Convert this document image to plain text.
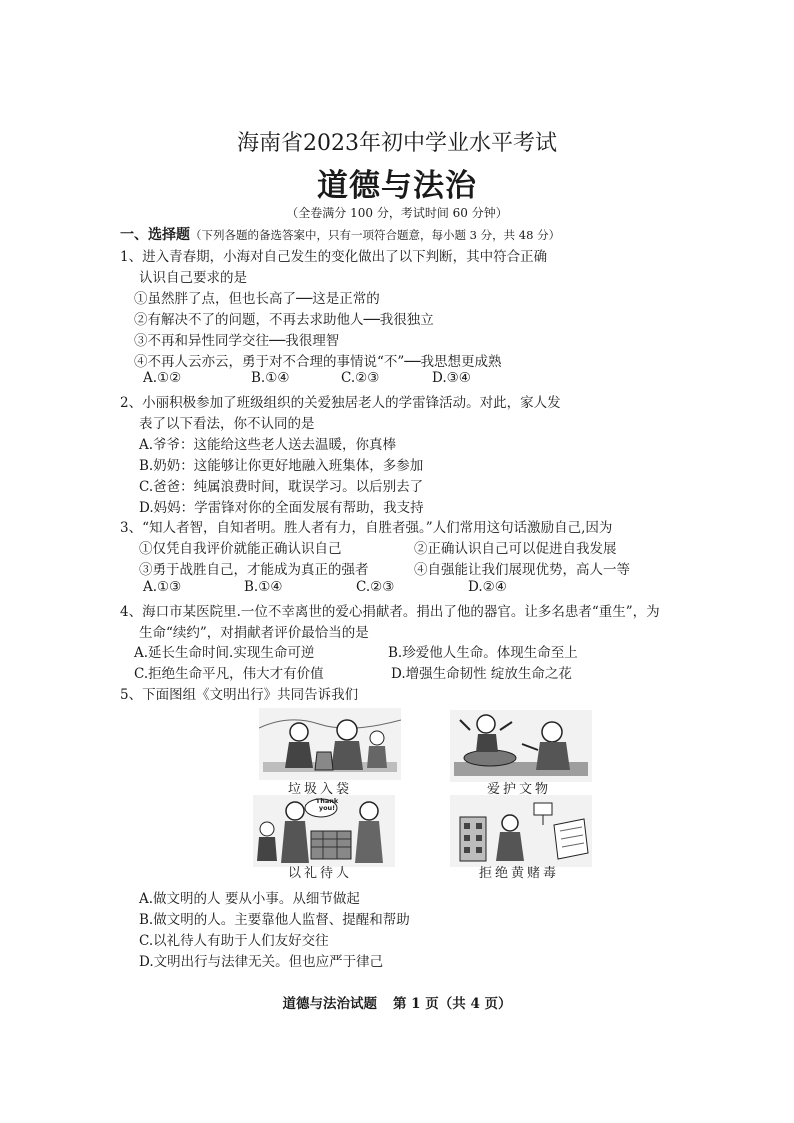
海南省2023年初中学业水平考试
道德与法治
（全卷满分 100 分，考试时间 60 分钟）
一、选择题（下列各题的备选答案中，只有一项符合题意，每小题 3 分，共 48 分）
1、进入青春期，小海对自己发生的变化做出了以下判断，其中符合正确
认识自己要求的是
①虽然胖了点，但也长高了──这是正常的
②有解决不了的问题，不再去求助他人──我很独立
③不再和异性同学交往──我很理智
④不再人云亦云，勇于对不合理的事情说“不”──我思想更成熟
A.①②	B.①④	C.②③	D.③④
2、小丽积极参加了班级组织的关爱独居老人的学雷锋活动。对此，家人发
表了以下看法，你不认同的是
A.爷爷：这能给这些老人送去温暖，你真棒
B.奶奶：这能够让你更好地融入班集体，多参加
C.爸爸：纯属浪费时间，耽误学习。以后别去了
D.妈妈：学雷锋对你的全面发展有帮助，我支持
3、“知人者智，自知者明。胜人者有力，自胜者强。”人们常用这句话激励自己,因为
①仅凭自我评价就能正确认识自己	②正确认识自己可以促进自我发展
③勇于战胜自己，才能成为真正的强者	④自强能让我们展现优势，高人一等
A.①③	B.①④	C.②③	D.②④
4、海口市某医院里.一位不幸离世的爱心捐献者。捐出了他的器官。让多名患者“重生”，为
生命“续约”，对捐献者评价最恰当的是
A.延长生命时间.实现生命可逆	B.珍爱他人生命。体现生命至上
C.拒绝生命平凡，伟大才有价值	D.增强生命韧性 绽放生命之花
5、下面图组《文明出行》共同告诉我们
Thank you!
垃圾入袋	爱护文物
以礼待人	拒绝黄赌毒
A.做文明的人 要从小事。从细节做起
B.做文明的人。主要靠他人监督、提醒和帮助
C.以礼待人有助于人们友好交往
D.文明出行与法律无关。但也应严于律己
道德与法治试题 第 1 页（共 4 页）
